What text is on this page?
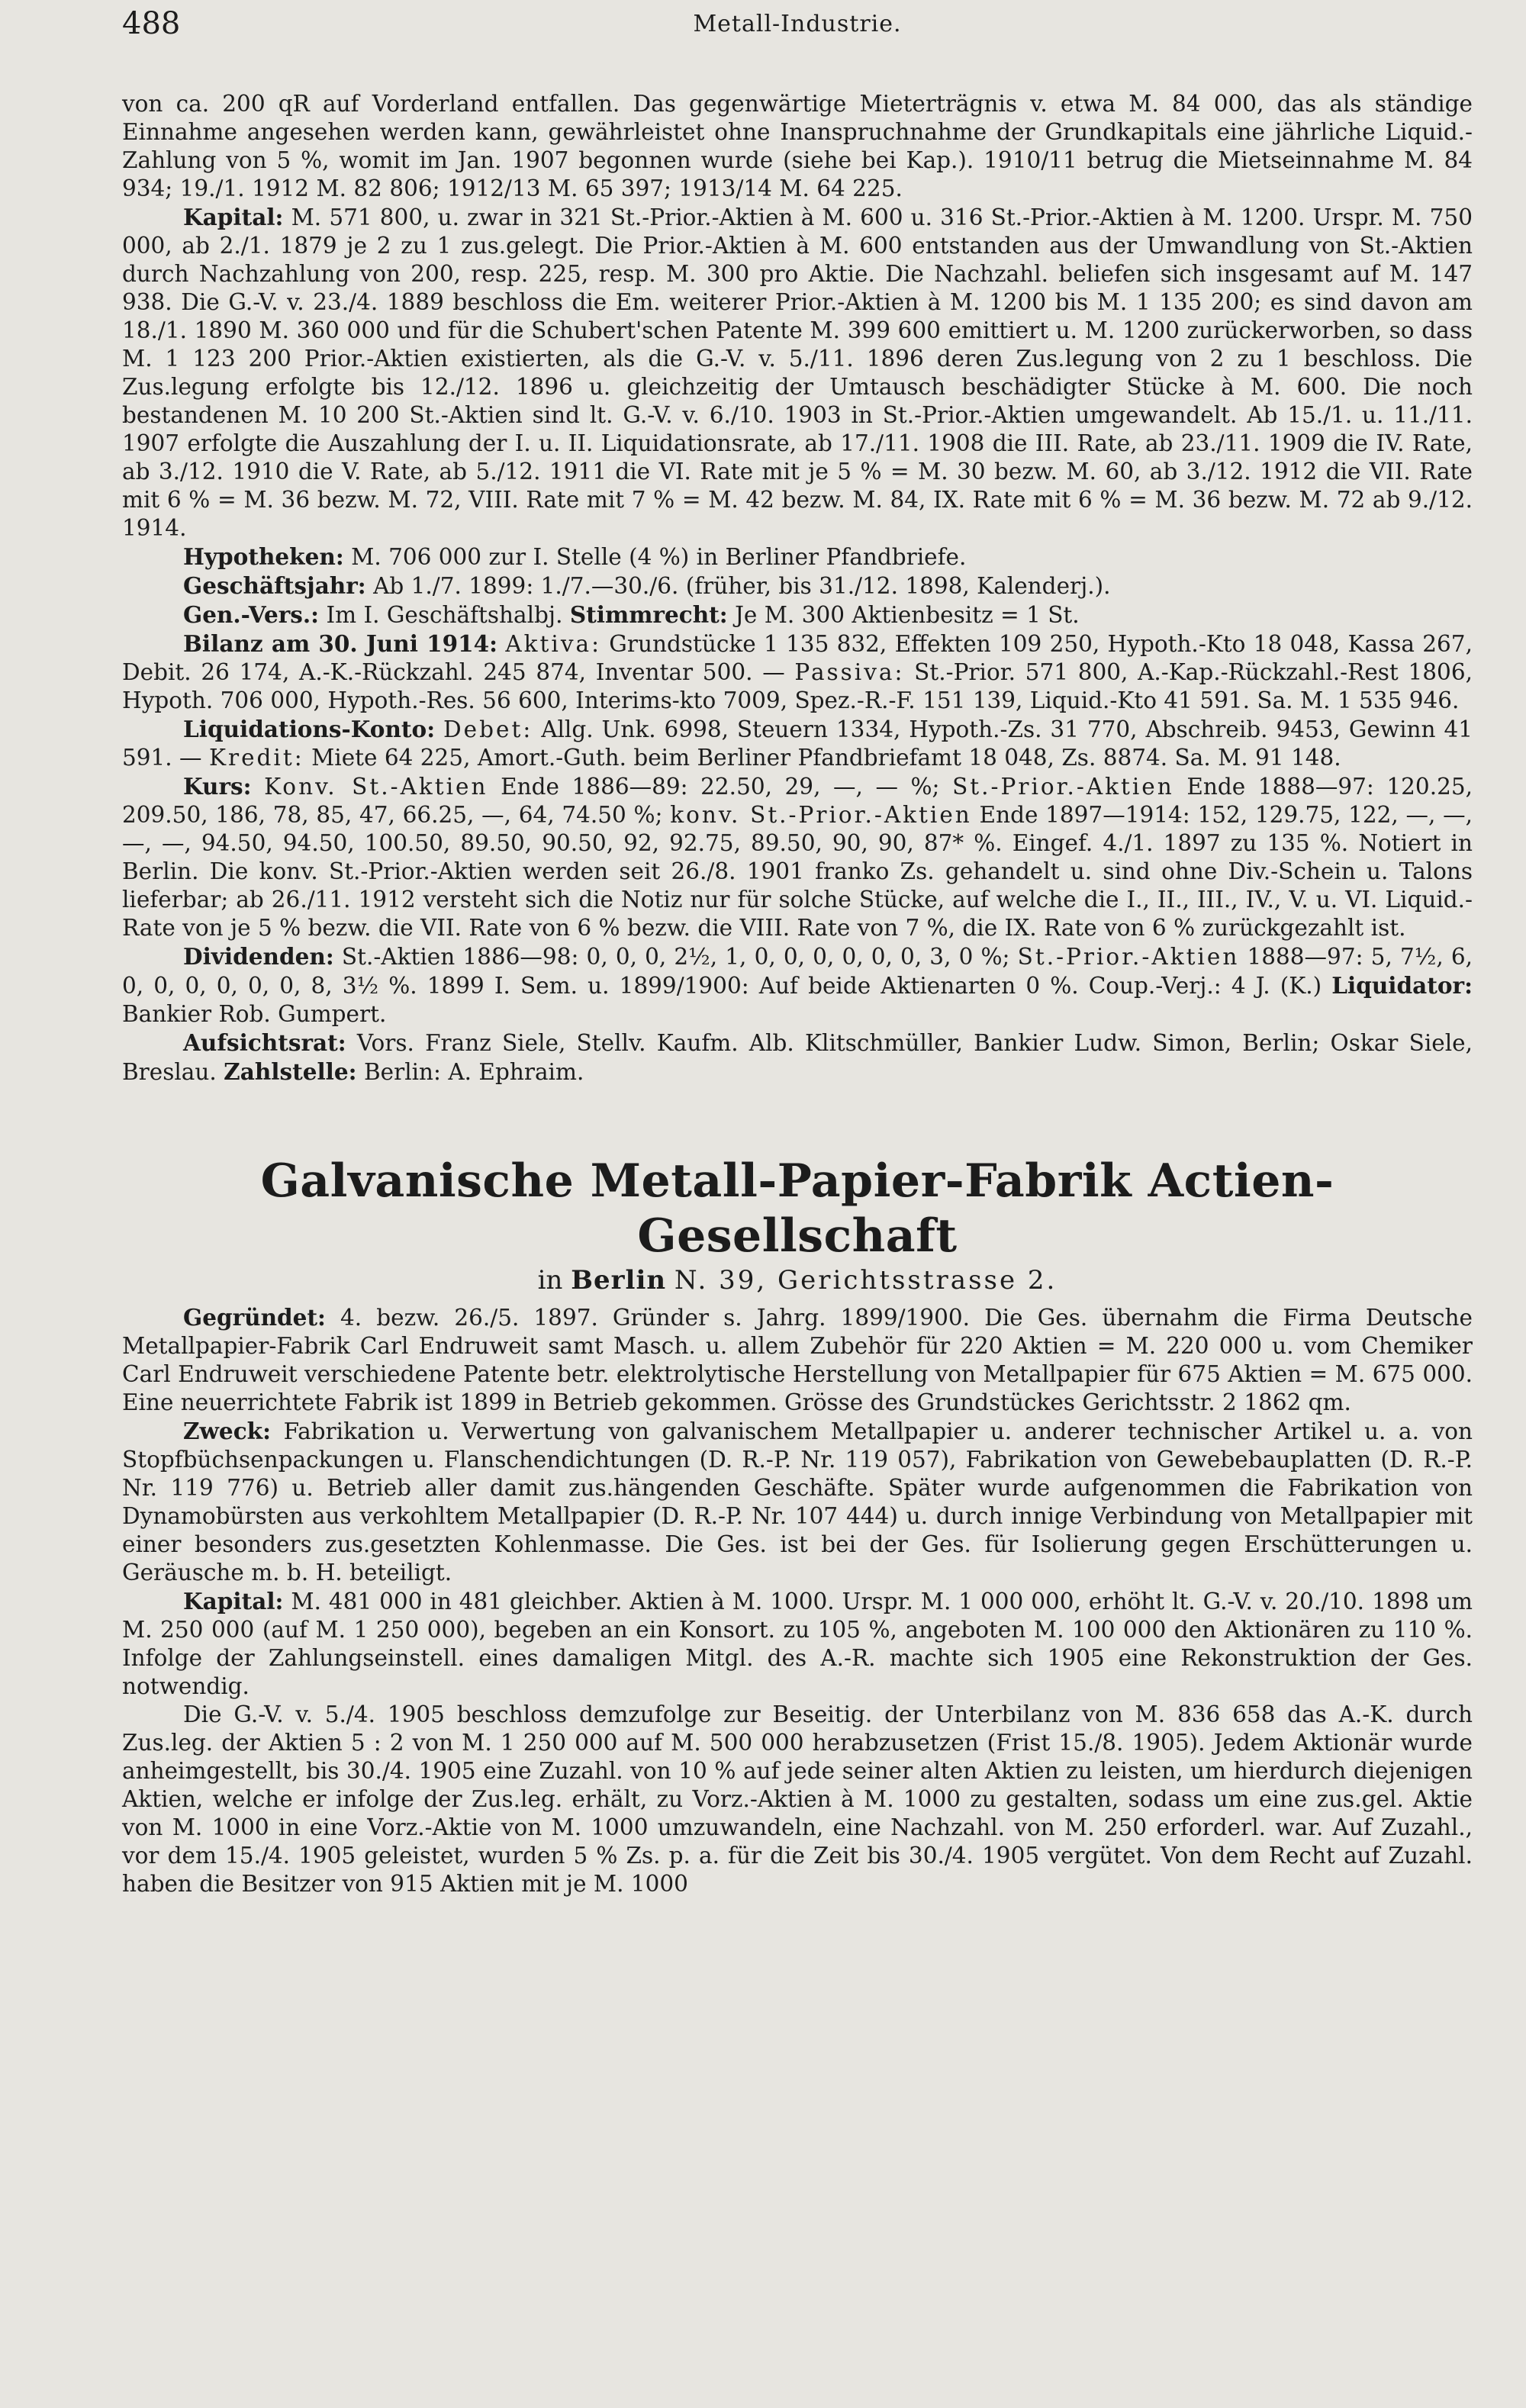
488	Metall-Industrie.

von ca. 200 qR auf Vorderland entfallen. Das gegenwärtige Mieterträgnis v. etwa M. 84 000, das als ständige Einnahme angesehen werden kann, gewährleistet ohne Inanspruchnahme der Grundkapitals eine jährliche Liquid.-Zahlung von 5 %, womit im Jan. 1907 begonnen wurde (siehe bei Kap.). 1910/11 betrug die Mietseinnahme M. 84 934; 19./1. 1912 M. 82 806; 1912/13 M. 65 397; 1913/14 M. 64 225.

Kapital: M. 571 800, u. zwar in 321 St.-Prior.-Aktien à M. 600 u. 316 St.-Prior.-Aktien à M. 1200. Urspr. M. 750 000, ab 2./1. 1879 je 2 zu 1 zus.gelegt. Die Prior.-Aktien à M. 600 entstanden aus der Umwandlung von St.-Aktien durch Nachzahlung von 200, resp. 225, resp. M. 300 pro Aktie. Die Nachzahl. beliefen sich insgesamt auf M. 147 938. Die G.-V. v. 23./4. 1889 beschloss die Em. weiterer Prior.-Aktien à M. 1200 bis M. 1 135 200; es sind davon am 18./1. 1890 M. 360 000 und für die Schubert'schen Patente M. 399 600 emittiert u. M. 1200 zurückerworben, so dass M. 1 123 200 Prior.-Aktien existierten, als die G.-V. v. 5./11. 1896 deren Zus.legung von 2 zu 1 beschloss. Die Zus.legung erfolgte bis 12./12. 1896 u. gleichzeitig der Umtausch beschädigter Stücke à M. 600. Die noch bestandenen M. 10 200 St.-Aktien sind lt. G.-V. v. 6./10. 1903 in St.-Prior.-Aktien umgewandelt. Ab 15./1. u. 11./11. 1907 erfolgte die Auszahlung der I. u. II. Liquidationsrate, ab 17./11. 1908 die III. Rate, ab 23./11. 1909 die IV. Rate, ab 3./12. 1910 die V. Rate, ab 5./12. 1911 die VI. Rate mit je 5 % = M. 30 bezw. M. 60, ab 3./12. 1912 die VII. Rate mit 6 % = M. 36 bezw. M. 72, VIII. Rate mit 7 % = M. 42 bezw. M. 84, IX. Rate mit 6 % = M. 36 bezw. M. 72 ab 9./12. 1914.

Hypotheken: M. 706 000 zur I. Stelle (4 %) in Berliner Pfandbriefe.

Geschäftsjahr: Ab 1./7. 1899: 1./7.—30./6. (früher, bis 31./12. 1898, Kalenderj.).

Gen.-Vers.: Im I. Geschäftshalbj. Stimmrecht: Je M. 300 Aktienbesitz = 1 St.

Bilanz am 30. Juni 1914: Aktiva: Grundstücke 1 135 832, Effekten 109 250, Hypoth.-Kto 18 048, Kassa 267, Debit. 26 174, A.-K.-Rückzahl. 245 874, Inventar 500. — Passiva: St.-Prior. 571 800, A.-Kap.-Rückzahl.-Rest 1806, Hypoth. 706 000, Hypoth.-Res. 56 600, Interims-kto 7009, Spez.-R.-F. 151 139, Liquid.-Kto 41 591. Sa. M. 1 535 946.

Liquidations-Konto: Debet: Allg. Unk. 6998, Steuern 1334, Hypoth.-Zs. 31 770, Abschreib. 9453, Gewinn 41 591. — Kredit: Miete 64 225, Amort.-Guth. beim Berliner Pfandbriefamt 18 048, Zs. 8874. Sa. M. 91 148.

Kurs: Konv. St.-Aktien Ende 1886—89: 22.50, 29, —, — %; St.-Prior.-Aktien Ende 1888—97: 120.25, 209.50, 186, 78, 85, 47, 66.25, —, 64, 74.50 %; konv. St.-Prior.-Aktien Ende 1897—1914: 152, 129.75, 122, —, —, —, —, 94.50, 94.50, 100.50, 89.50, 90.50, 92, 92.75, 89.50, 90, 90, 87* %. Eingef. 4./1. 1897 zu 135 %. Notiert in Berlin. Die konv. St.-Prior.-Aktien werden seit 26./8. 1901 franko Zs. gehandelt u. sind ohne Div.-Schein u. Talons lieferbar; ab 26./11. 1912 versteht sich die Notiz nur für solche Stücke, auf welche die I., II., III., IV., V. u. VI. Liquid.-Rate von je 5 % bezw. die VII. Rate von 6 % bezw. die VIII. Rate von 7 %, die IX. Rate von 6 % zurückgezahlt ist.

Dividenden: St.-Aktien 1886—98: 0, 0, 0, 2½, 1, 0, 0, 0, 0, 0, 0, 3, 0 %; St.-Prior.-Aktien 1888—97: 5, 7½, 6, 0, 0, 0, 0, 0, 0, 8, 3½ %. 1899 I. Sem. u. 1899/1900: Auf beide Aktienarten 0 %. Coup.-Verj.: 4 J. (K.) Liquidator: Bankier Rob. Gumpert.

Aufsichtsrat: Vors. Franz Siele, Stellv. Kaufm. Alb. Klitschmüller, Bankier Ludw. Simon, Berlin; Oskar Siele, Breslau. Zahlstelle: Berlin: A. Ephraim.

Galvanische Metall-Papier-Fabrik Actien-Gesellschaft
in Berlin N. 39, Gerichtsstrasse 2.

Gegründet: 4. bezw. 26./5. 1897. Gründer s. Jahrg. 1899/1900. Die Ges. übernahm die Firma Deutsche Metallpapier-Fabrik Carl Endruweit samt Masch. u. allem Zubehör für 220 Aktien = M. 220 000 u. vom Chemiker Carl Endruweit verschiedene Patente betr. elektrolytische Herstellung von Metallpapier für 675 Aktien = M. 675 000. Eine neuerrichtete Fabrik ist 1899 in Betrieb gekommen. Grösse des Grundstückes Gerichtsstr. 2 1862 qm.

Zweck: Fabrikation u. Verwertung von galvanischem Metallpapier u. anderer technischer Artikel u. a. von Stopfbüchsenpackungen u. Flanschendichtungen (D. R.-P. Nr. 119 057), Fabrikation von Gewebebauplatten (D. R.-P. Nr. 119 776) u. Betrieb aller damit zus.hängenden Geschäfte. Später wurde aufgenommen die Fabrikation von Dynamobürsten aus verkohltem Metallpapier (D. R.-P. Nr. 107 444) u. durch innige Verbindung von Metallpapier mit einer besonders zus.gesetzten Kohlenmasse. Die Ges. ist bei der Ges. für Isolierung gegen Erschütterungen u. Geräusche m. b. H. beteiligt.

Kapital: M. 481 000 in 481 gleichber. Aktien à M. 1000. Urspr. M. 1 000 000, erhöht lt. G.-V. v. 20./10. 1898 um M. 250 000 (auf M. 1 250 000), begeben an ein Konsort. zu 105 %, angeboten M. 100 000 den Aktionären zu 110 %. Infolge der Zahlungseinstell. eines damaligen Mitgl. des A.-R. machte sich 1905 eine Rekonstruktion der Ges. notwendig.

Die G.-V. v. 5./4. 1905 beschloss demzufolge zur Beseitig. der Unterbilanz von M. 836 658 das A.-K. durch Zus.leg. der Aktien 5 : 2 von M. 1 250 000 auf M. 500 000 herabzusetzen (Frist 15./8. 1905). Jedem Aktionär wurde anheimgestellt, bis 30./4. 1905 eine Zuzahl. von 10 % auf jede seiner alten Aktien zu leisten, um hierdurch diejenigen Aktien, welche er infolge der Zus.leg. erhält, zu Vorz.-Aktien à M. 1000 zu gestalten, sodass um eine zus.gel. Aktie von M. 1000 in eine Vorz.-Aktie von M. 1000 umzuwandeln, eine Nachzahl. von M. 250 erforderl. war. Auf Zuzahl., vor dem 15./4. 1905 geleistet, wurden 5 % Zs. p. a. für die Zeit bis 30./4. 1905 vergütet. Von dem Recht auf Zuzahl. haben die Besitzer von 915 Aktien mit je M. 1000
